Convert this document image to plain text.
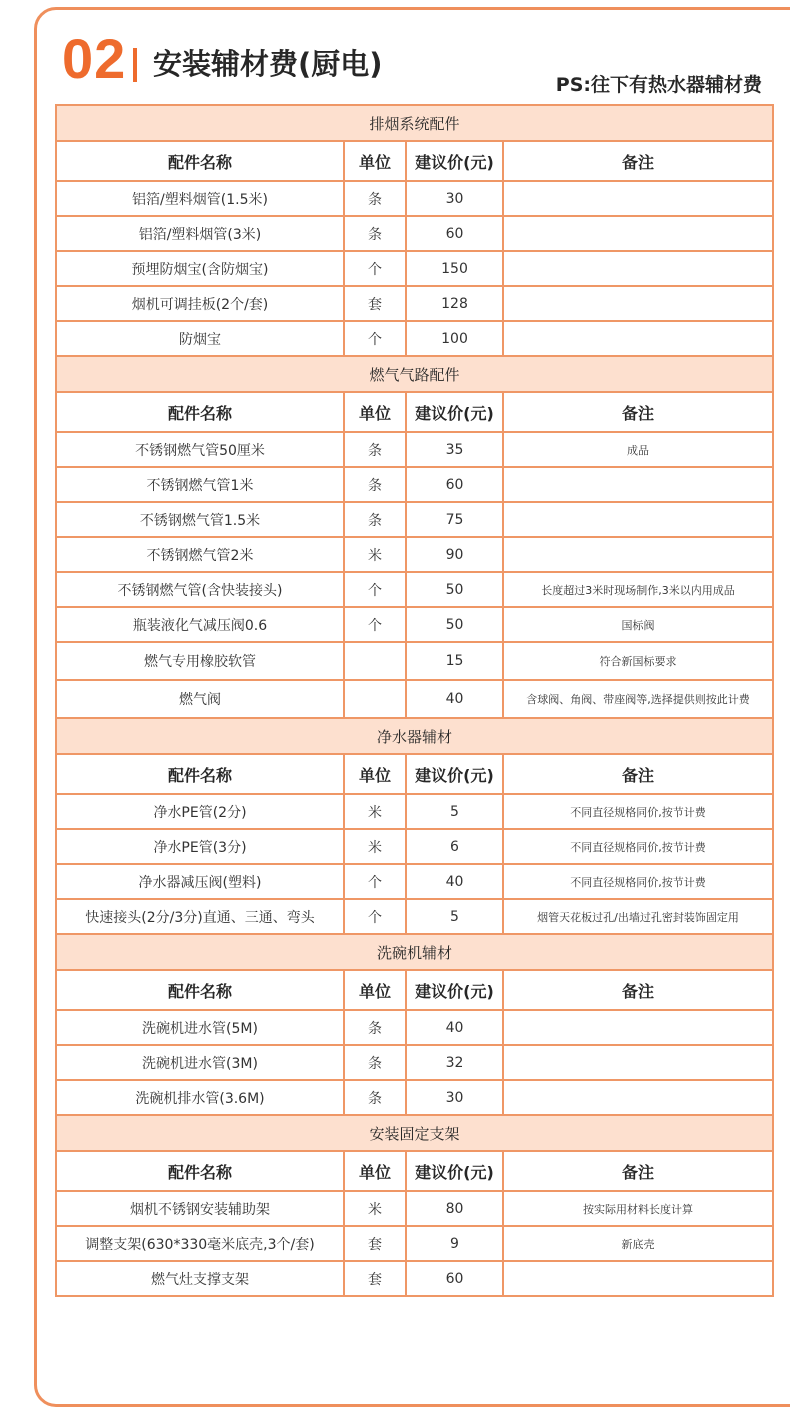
02 安装辅材费(厨电)
PS:往下有热水器辅材费
排烟系统配件			
配件名称	单位	建议价(元)	备注
铝箔/塑料烟管(1.5米)	条	30	
铝箔/塑料烟管(3米)	条	60	
预埋防烟宝(含防烟宝)	个	150	
烟机可调挂板(2个/套)	套	128	
防烟宝	个	100	
燃气气路配件			
配件名称	单位	建议价(元)	备注
不锈钢燃气管50厘米	条	35	成品
不锈钢燃气管1米	条	60	
不锈钢燃气管1.5米	条	75	
不锈钢燃气管2米	米	90	
不锈钢燃气管(含快装接头)	个	50	长度超过3米时现场制作,3米以内用成品
瓶装液化气减压阀0.6	个	50	国标阀
燃气专用橡胶软管		15	符合新国标要求
燃气阀		40	含球阀、角阀、带座阀等,选择提供则按此计费
净水器辅材			
配件名称	单位	建议价(元)	备注
净水PE管(2分)	米	5	不同直径规格同价,按节计费
净水PE管(3分)	米	6	不同直径规格同价,按节计费
净水器减压阀(塑料)	个	40	不同直径规格同价,按节计费
快速接头(2分/3分)直通、三通、弯头	个	5	烟管天花板过孔/出墙过孔密封装饰固定用
洗碗机辅材			
配件名称	单位	建议价(元)	备注
洗碗机进水管(5M)	条	40	
洗碗机进水管(3M)	条	32	
洗碗机排水管(3.6M)	条	30	
安装固定支架			
配件名称	单位	建议价(元)	备注
烟机不锈钢安装辅助架	米	80	按实际用材料长度计算
调整支架(630*330毫米底壳,3个/套)	套	9	新底壳
燃气灶支撑支架	套	60	
